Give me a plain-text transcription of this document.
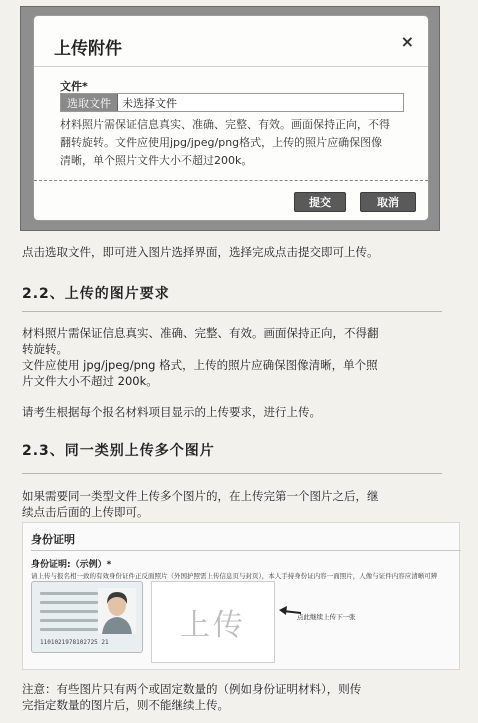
上传附件	×
文件*
选取文件	未选择文件
材料照片需保证信息真实、准确、完整、有效。画面保持正向，不得
翻转旋转。文件应使用jpg/jpeg/png格式，上传的照片应确保图像
清晰，单个照片文件大小不超过200k。
提交	取消
点击选取文件，即可进入图片选择界面，选择完成点击提交即可上传。
2.2、上传的图片要求
材料照片需保证信息真实、准确、完整、有效。画面保持正向，不得翻
转旋转。
文件应使用 jpg/jpeg/png 格式，上传的照片应确保图像清晰，单个照
片文件大小不超过 200k。
请考生根据每个报名材料项目显示的上传要求，进行上传。
2.3、同一类别上传多个图片
如果需要同一类型文件上传多个图片的，在上传完第一个图片之后，继
续点击后面的上传即可。
身份证明
身份证明:（示例）*
请上传与报名相一致的有效身份证件正反面照片（外国护照需上传信息页与封页），本人手持身份证内容一面照片，人像与证件内容应清晰可辨
1101021978102725 21 上传	点此继续上传下一张
注意：有些图片只有两个或固定数量的（例如身份证明材料），则传
完指定数量的图片后，则不能继续上传。
